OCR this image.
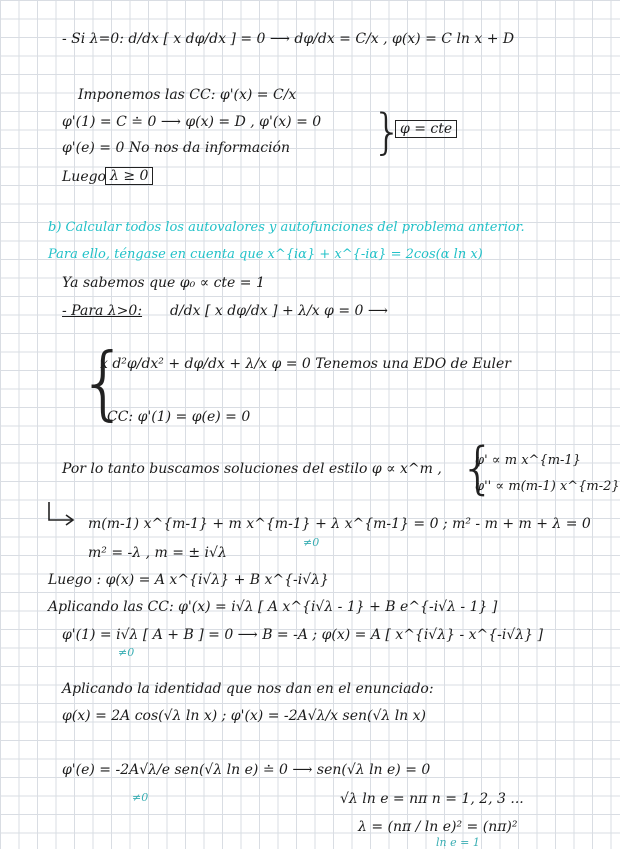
- Si λ=0: d/dx [ x dφ/dx ] = 0 ⟶ dφ/dx = C/x , φ(x) = C ln x + D
Imponemos las CC: φ'(x) = C/x
φ'(1) = C ≐ 0 ⟶ φ(x) = D , φ'(x) = 0
φ'(e) = 0 No nos da información }
φ = cte
Luego λ ≥ 0
b) Calcular todos los autovalores y autofunciones del problema anterior.
Para ello, téngase en cuenta que x^{iα} + x^{-iα} = 2cos(α ln x)
Ya sabemos que φ₀ ∝ cte = 1
- Para λ>0: d/dx [ x dφ/dx ] + λ/x φ = 0 ⟶
{
x d²φ/dx² + dφ/dx + λ/x φ = 0 Tenemos una EDO de Euler
CC: φ'(1) = φ(e) = 0
Por lo tanto buscamos soluciones del estilo φ ∝ x^m , {
φ' ∝ m x^{m-1}
φ'' ∝ m(m-1) x^{m-2}
m(m-1) x^{m-1} + m x^{m-1} + λ x^{m-1} = 0 ; m² - m + m + λ = 0
≠0
m² = -λ , m = ± i√λ
Luego : φ(x) = A x^{i√λ} + B x^{-i√λ}
Aplicando las CC: φ'(x) = i√λ [ A x^{i√λ - 1} + B e^{-i√λ - 1} ]
φ'(1) = i√λ [ A + B ] = 0 ⟶ B = -A ; φ(x) = A [ x^{i√λ} - x^{-i√λ} ]
≠0
Aplicando la identidad que nos dan en el enunciado:
φ(x) = 2A cos(√λ ln x) ; φ'(x) = -2A√λ/x sen(√λ ln x)
φ'(e) = -2A√λ/e sen(√λ ln e) ≐ 0 ⟶ sen(√λ ln e) = 0
≠0	√λ ln e = nπ n = 1, 2, 3 ...
λ = (nπ / ln e)² = (nπ)²
ln e = 1
